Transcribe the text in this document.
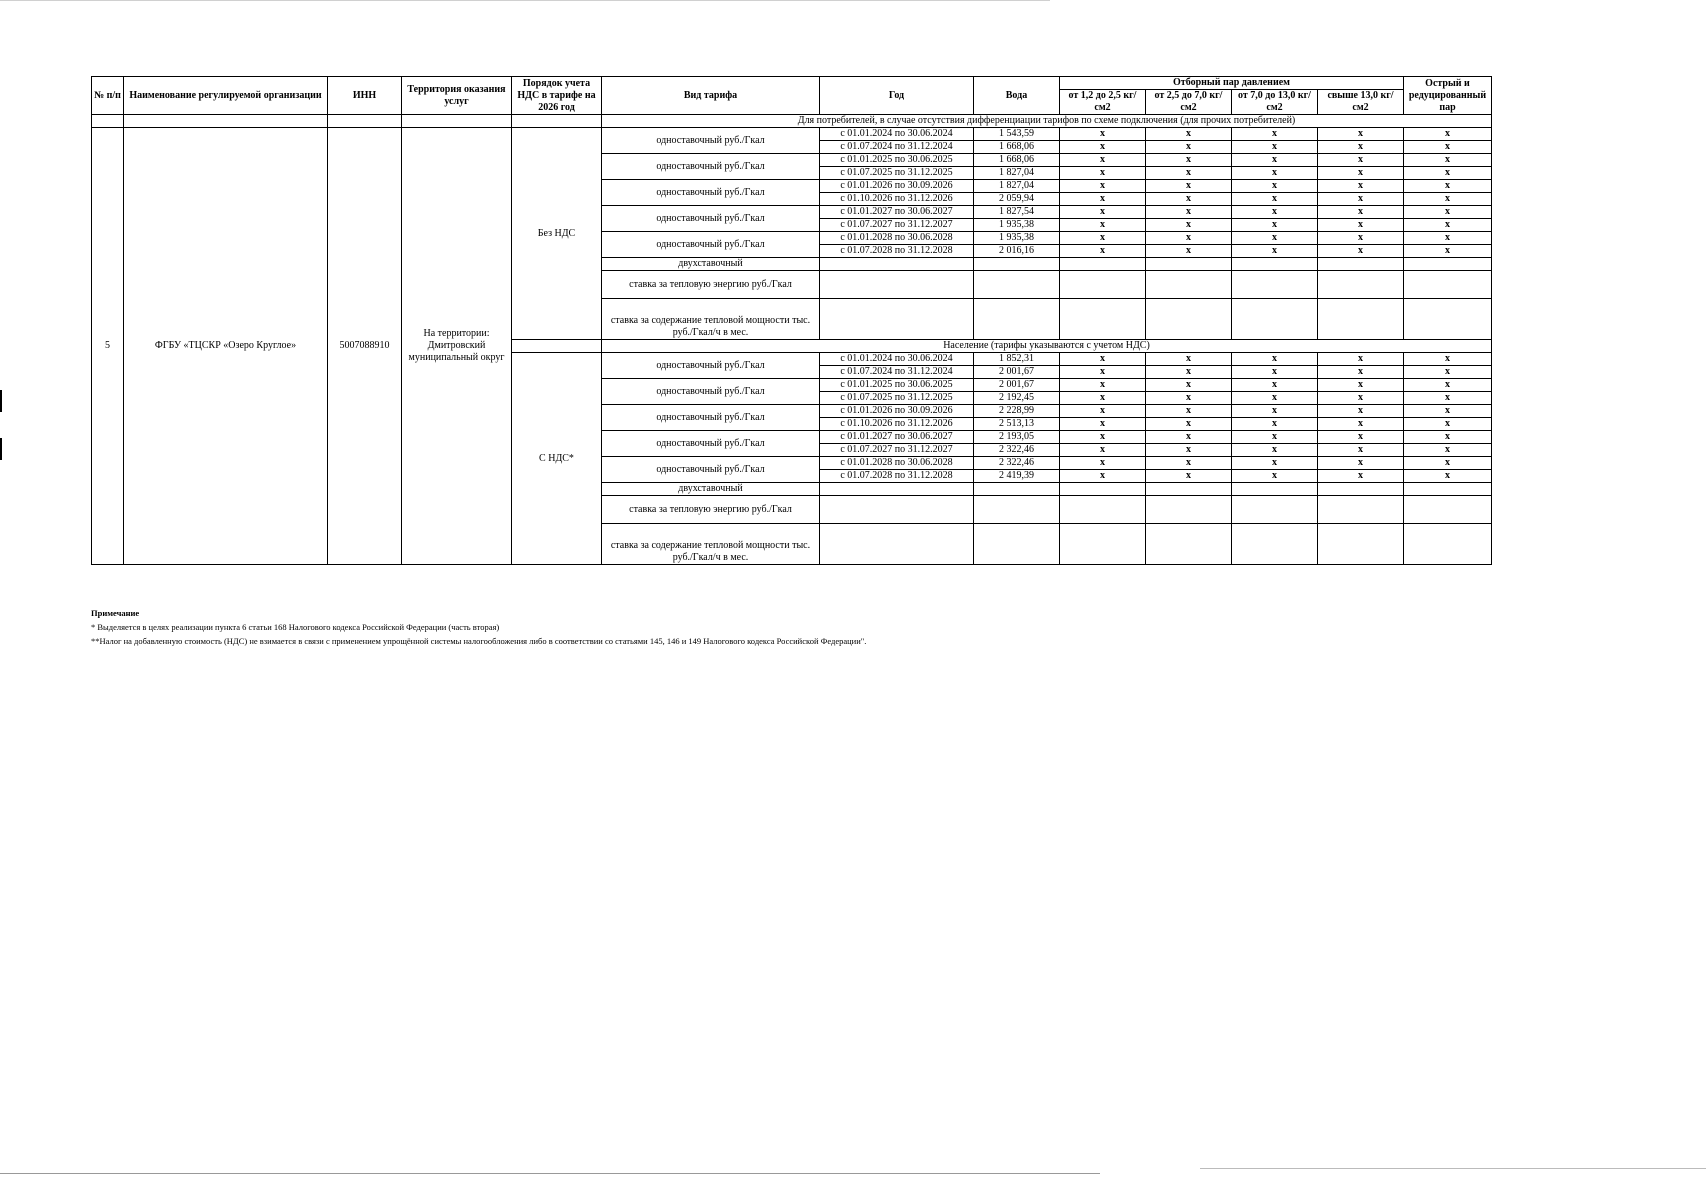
№ п/п	Наименование регулируемой организации	ИНН	Территория оказания услуг	Порядок учета НДС в тарифе на 2026 год	Вид тарифа	Год	Вода	Отборный пар давлением				Острый и редуцированный пар
								от 1,2 до 2,5 кг/см2	от 2,5 до 7,0 кг/см2	от 7,0 до 13,0 кг/см2	свыше 13,0 кг/см2	
					Для потребителей, в случае отсутствия дифференциации тарифов по схеме подключения (для прочих потребителей)							
5	ФГБУ «ТЦСКР «Озеро Круглое»	5007088910	На территории: Дмитровский муниципальный округ	Без НДС	одноставочный руб./Гкал	с 01.01.2024 по 30.06.2024	1 543,59	x	x	x	x	x
						с 01.07.2024 по 31.12.2024	1 668,06	x	x	x	x	x
					одноставочный руб./Гкал	с 01.01.2025 по 30.06.2025	1 668,06	x	x	x	x	x
						с 01.07.2025 по 31.12.2025	1 827,04	x	x	x	x	x
					одноставочный руб./Гкал	с 01.01.2026 по 30.09.2026	1 827,04	x	x	x	x	x
						с 01.10.2026 по 31.12.2026	2 059,94	x	x	x	x	x
					одноставочный руб./Гкал	с 01.01.2027 по 30.06.2027	1 827,54	x	x	x	x	x
						с 01.07.2027 по 31.12.2027	1 935,38	x	x	x	x	x
					одноставочный руб./Гкал	с 01.01.2028 по 30.06.2028	1 935,38	x	x	x	x	x
						с 01.07.2028 по 31.12.2028	2 016,16	x	x	x	x	x
					двухставочный							
					ставка за тепловую энергию руб./Гкал							
					ставка за содержание тепловой мощности тыс. руб./Гкал/ч в мес.							
					Население (тарифы указываются с учетом НДС)							
				С НДС*	одноставочный руб./Гкал	с 01.01.2024 по 30.06.2024	1 852,31	x	x	x	x	x
						с 01.07.2024 по 31.12.2024	2 001,67	x	x	x	x	x
					одноставочный руб./Гкал	с 01.01.2025 по 30.06.2025	2 001,67	x	x	x	x	x
						с 01.07.2025 по 31.12.2025	2 192,45	x	x	x	x	x
					одноставочный руб./Гкал	с 01.01.2026 по 30.09.2026	2 228,99	x	x	x	x	x
						с 01.10.2026 по 31.12.2026	2 513,13	x	x	x	x	x
					одноставочный руб./Гкал	с 01.01.2027 по 30.06.2027	2 193,05	x	x	x	x	x
						с 01.07.2027 по 31.12.2027	2 322,46	x	x	x	x	x
					одноставочный руб./Гкал	с 01.01.2028 по 30.06.2028	2 322,46	x	x	x	x	x
						с 01.07.2028 по 31.12.2028	2 419,39	x	x	x	x	x
					двухставочный							
					ставка за тепловую энергию руб./Гкал							
					ставка за содержание тепловой мощности тыс. руб./Гкал/ч в мес.							
Примечание
* Выделяется в целях реализации пункта 6 статьи 168 Налогового кодекса Российской Федерации (часть вторая)
**Налог на добавленную стоимость (НДС) не взимается в связи с применением упрощённой системы налогообложения либо в соответствии со статьями 145, 146 и 149 Налогового кодекса Российской Федерации".
